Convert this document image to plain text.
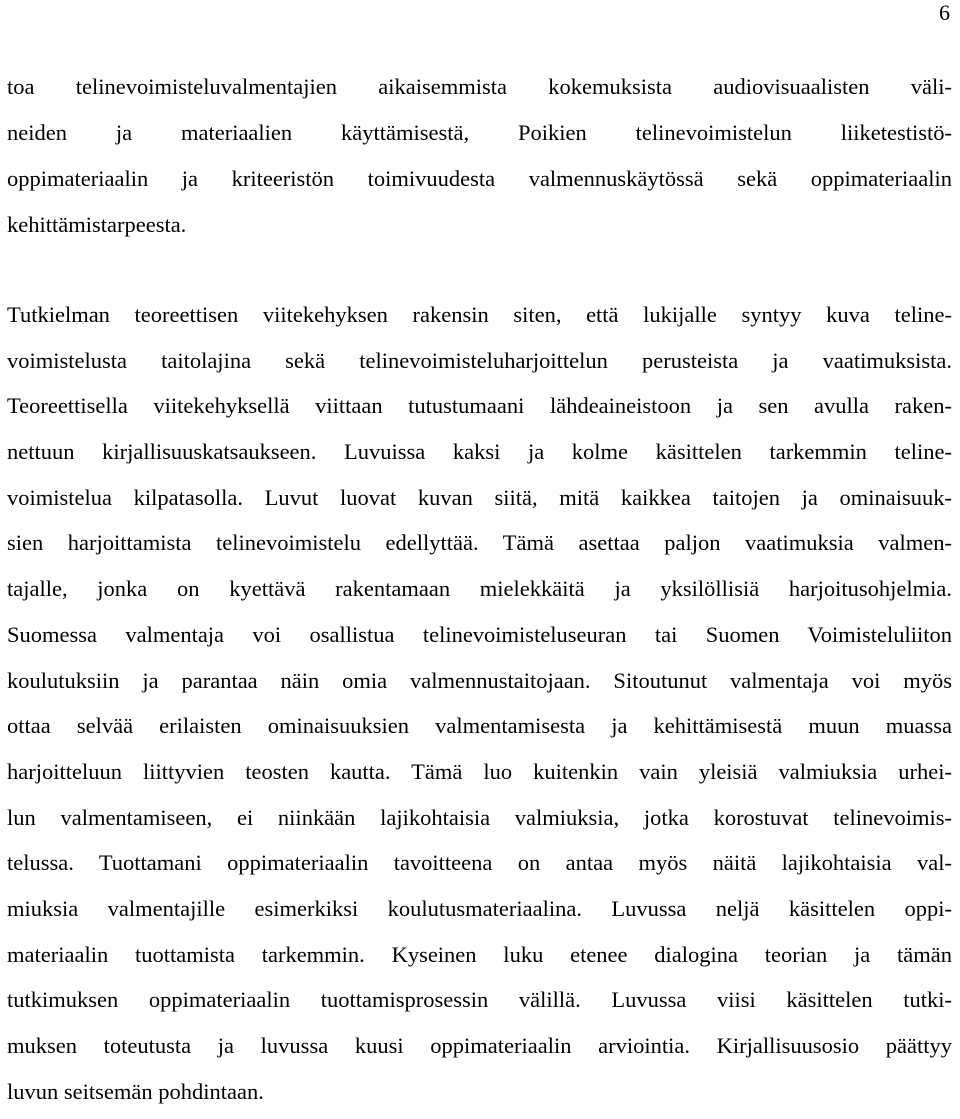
6
toa telinevoimisteluvalmentajien aikaisemmista kokemuksista audiovisuaalisten väli-
neiden ja materiaalien käyttämisestä, Poikien telinevoimistelun liiketestistö-
oppimateriaalin ja kriteeristön toimivuudesta valmennuskäytössä sekä oppimateriaalin
kehittämistarpeesta.
Tutkielman teoreettisen viitekehyksen rakensin siten, että lukijalle syntyy kuva teline-
voimistelusta taitolajina sekä telinevoimisteluharjoittelun perusteista ja vaatimuksista.
Teoreettisella viitekehyksellä viittaan tutustumaani lähdeaineistoon ja sen avulla raken-
nettuun kirjallisuuskatsaukseen. Luvuissa kaksi ja kolme käsittelen tarkemmin teline-
voimistelua kilpatasolla. Luvut luovat kuvan siitä, mitä kaikkea taitojen ja ominaisuuk-
sien harjoittamista telinevoimistelu edellyttää. Tämä asettaa paljon vaatimuksia valmen-
tajalle, jonka on kyettävä rakentamaan mielekkäitä ja yksilöllisiä harjoitusohjelmia.
Suomessa valmentaja voi osallistua telinevoimisteluseuran tai Suomen Voimisteluliiton
koulutuksiin ja parantaa näin omia valmennustaitojaan. Sitoutunut valmentaja voi myös
ottaa selvää erilaisten ominaisuuksien valmentamisesta ja kehittämisestä muun muassa
harjoitteluun liittyvien teosten kautta. Tämä luo kuitenkin vain yleisiä valmiuksia urhei-
lun valmentamiseen, ei niinkään lajikohtaisia valmiuksia, jotka korostuvat telinevoimis-
telussa. Tuottamani oppimateriaalin tavoitteena on antaa myös näitä lajikohtaisia val-
miuksia valmentajille esimerkiksi koulutusmateriaalina. Luvussa neljä käsittelen oppi-
materiaalin tuottamista tarkemmin. Kyseinen luku etenee dialogina teorian ja tämän
tutkimuksen oppimateriaalin tuottamisprosessin välillä. Luvussa viisi käsittelen tutki-
muksen toteutusta ja luvussa kuusi oppimateriaalin arviointia. Kirjallisuusosio päättyy
luvun seitsemän pohdintaan.
